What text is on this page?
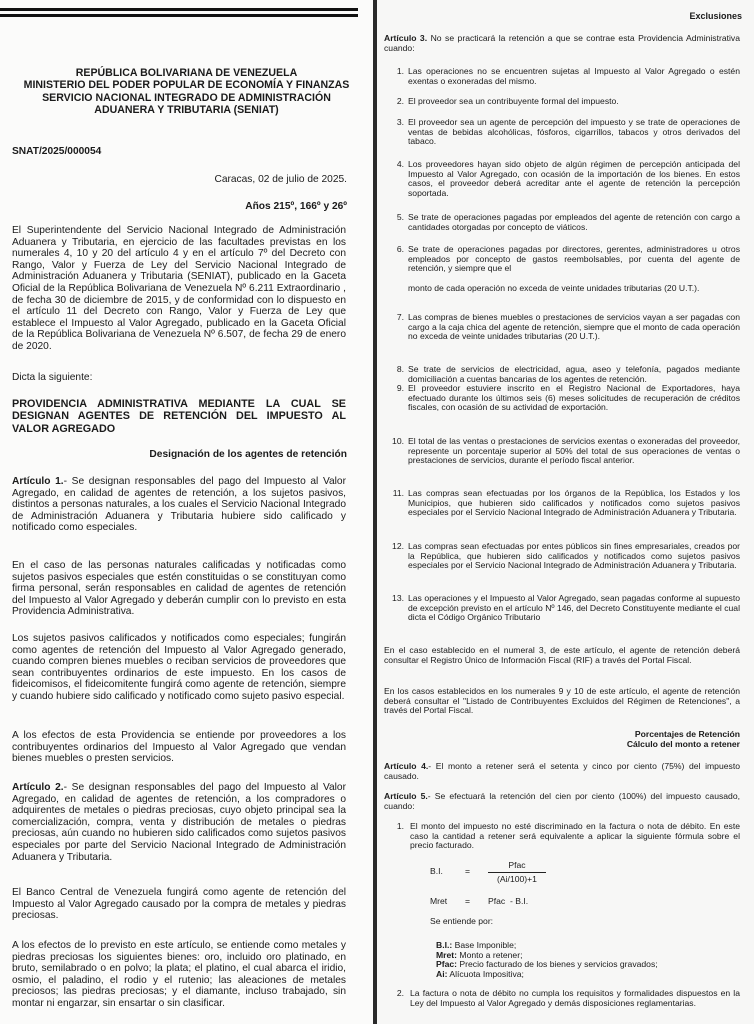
REPÚBLICA BOLIVARIANA DE VENEZUELA
MINISTERIO DEL PODER POPULAR DE ECONOMÍA Y FINANZAS
SERVICIO NACIONAL INTEGRADO DE ADMINISTRACIÓN
ADUANERA Y TRIBUTARIA (SENIAT)
SNAT/2025/000054
Caracas, 02 de julio de 2025.
Años 215º, 166º y 26º
El Superintendente del Servicio Nacional Integrado de Administración Aduanera y Tributaria, en ejercicio de las facultades previstas en los numerales 4, 10 y 20 del artículo 4 y en el artículo 7º del Decreto con Rango, Valor y Fuerza de Ley del Servicio Nacional Integrado de Administración Aduanera y Tributaria (SENIAT), publicado en la Gaceta Oficial de la República Bolivariana de Venezuela Nº 6.211 Extraordinario , de fecha 30 de diciembre de 2015, y de conformidad con lo dispuesto en el artículo 11 del Decreto con Rango, Valor y Fuerza de Ley que establece el Impuesto al Valor Agregado, publicado en la Gaceta Oficial de la República Bolivariana de Venezuela Nº 6.507, de fecha 29 de enero de 2020.
Dicta la siguiente:
PROVIDENCIA ADMINISTRATIVA MEDIANTE LA CUAL SE DESIGNAN AGENTES DE RETENCIÓN DEL IMPUESTO AL VALOR AGREGADO
Designación de los agentes de retención
Artículo 1.- Se designan responsables del pago del Impuesto al Valor Agregado, en calidad de agentes de retención, a los sujetos pasivos, distintos a personas naturales, a los cuales el Servicio Nacional Integrado de Administración Aduanera y Tributaria hubiere sido calificado y notificado como especiales.
En el caso de las personas naturales calificadas y notificadas como sujetos pasivos especiales que estén constituidas o se constituyan como firma personal, serán responsables en calidad de agentes de retención del Impuesto al Valor Agregado y deberán cumplir con lo previsto en esta Providencia Administrativa.
Los sujetos pasivos calificados y notificados como especiales; fungirán como agentes de retención del Impuesto al Valor Agregado generado, cuando compren bienes muebles o reciban servicios de proveedores que sean contribuyentes ordinarios de este impuesto. En los casos de fideicomisos, el fideicomitente fungirá como agente de retención, siempre y cuando hubiere sido calificado y notificado como sujeto pasivo especial.
A los efectos de esta Providencia se entiende por proveedores a los contribuyentes ordinarios del Impuesto al Valor Agregado que vendan bienes muebles o presten servicios.
Artículo 2.- Se designan responsables del pago del Impuesto al Valor Agregado, en calidad de agentes de retención, a los compradores o adquirentes de metales o piedras preciosas, cuyo objeto principal sea la comercialización, compra, venta y distribución de metales o piedras preciosas, aún cuando no hubieren sido calificados como sujetos pasivos especiales por parte del Servicio Nacional Integrado de Administración Aduanera y Tributaria.
El Banco Central de Venezuela fungirá como agente de retención del Impuesto al Valor Agregado causado por la compra de metales y piedras preciosas.
A los efectos de lo previsto en este artículo, se entiende como metales y piedras preciosas los siguientes bienes: oro, incluido oro platinado, en bruto, semilabrado o en polvo; la plata; el platino, el cual abarca el iridio, osmio, el paladino, el rodio y el rutenio; las aleaciones de metales preciosos; las piedras preciosas; y el diamante, incluso trabajado, sin montar ni engarzar, sin ensartar o sin clasificar.
Exclusiones
Artículo 3. No se practicará la retención a que se contrae esta Providencia Administrativa cuando:
1. Las operaciones no se encuentren sujetas al Impuesto al Valor Agregado o estén exentas o exoneradas del mismo.
2. El proveedor sea un contribuyente formal del impuesto.
3. El proveedor sea un agente de percepción del impuesto y se trate de operaciones de ventas de bebidas alcohólicas, fósforos, cigarrillos, tabacos y otros derivados del tabaco.
4. Los proveedores hayan sido objeto de algún régimen de percepción anticipada del Impuesto al Valor Agregado, con ocasión de la importación de los bienes. En estos casos, el proveedor deberá acreditar ante el agente de retención la percepción soportada.
5. Se trate de operaciones pagadas por empleados del agente de retención con cargo a cantidades otorgadas por concepto de viáticos.
6. Se trate de operaciones pagadas por directores, gerentes, administradores u otros empleados por concepto de gastos reembolsables, por cuenta del agente de retención, y siempre que el
monto de cada operación no exceda de veinte unidades tributarias (20 U.T.).
7. Las compras de bienes muebles o prestaciones de servicios vayan a ser pagadas con cargo a la caja chica del agente de retención, siempre que el monto de cada operación no exceda de veinte unidades tributarias (20 U.T.).
8. Se trate de servicios de electricidad, agua, aseo y telefonía, pagados mediante domiciliación a cuentas bancarias de los agentes de retención.
9. El proveedor estuviere inscrito en el Registro Nacional de Exportadores, haya efectuado durante los últimos seis (6) meses solicitudes de recuperación de créditos fiscales, con ocasión de su actividad de exportación.
10. El total de las ventas o prestaciones de servicios exentas o exoneradas del proveedor, represente un porcentaje superior al 50% del total de sus operaciones de ventas o prestaciones de servicios, durante el período fiscal anterior.
11. Las compras sean efectuadas por los órganos de la República, los Estados y los Municipios, que hubieren sido calificados y notificados como sujetos pasivos especiales por el Servicio Nacional Integrado de Administración Aduanera y Tributaria.
12. Las compras sean efectuadas por entes públicos sin fines empresariales, creados por la República, que hubieren sido calificados y notificados como sujetos pasivos especiales por el Servicio Nacional Integrado de Administración Aduanera y Tributaria.
13. Las operaciones y el Impuesto al Valor Agregado, sean pagadas conforme al supuesto de excepción previsto en el artículo Nº 146, del Decreto Constituyente mediante el cual dicta el Código Orgánico Tributario
En el caso establecido en el numeral 3, de este artículo, el agente de retención deberá consultar el Registro Único de Información Fiscal (RIF) a través del Portal Fiscal.
En los casos establecidos en los numerales 9 y 10 de este artículo, el agente de retención deberá consultar el "Listado de Contribuyentes Excluidos del Régimen de Retenciones", a través del Portal Fiscal.
Porcentajes de Retención
Cálculo del monto a retener
Artículo 4.- El monto a retener será el setenta y cinco por ciento (75%) del impuesto causado.
Artículo 5.- Se efectuará la retención del cien por ciento (100%) del impuesto causado, cuando:
1. El monto del impuesto no esté discriminado en la factura o nota de débito. En este caso la cantidad a retener será equivalente a aplicar la siguiente fórmula sobre el precio facturado.
B.I.	=
Pfac
(Ai/100)+1
Mret = Pfac  - B.I.
Se entiende por:
B.I.: Base Imponible;
Mret: Monto a retener;
Pfac: Precio facturado de los bienes y servicios gravados;
Ai: Alícuota Impositiva;
2. La factura o nota de débito no cumpla los requisitos y formalidades dispuestos en la Ley del Impuesto al Valor Agregado y demás disposiciones reglamentarias.
